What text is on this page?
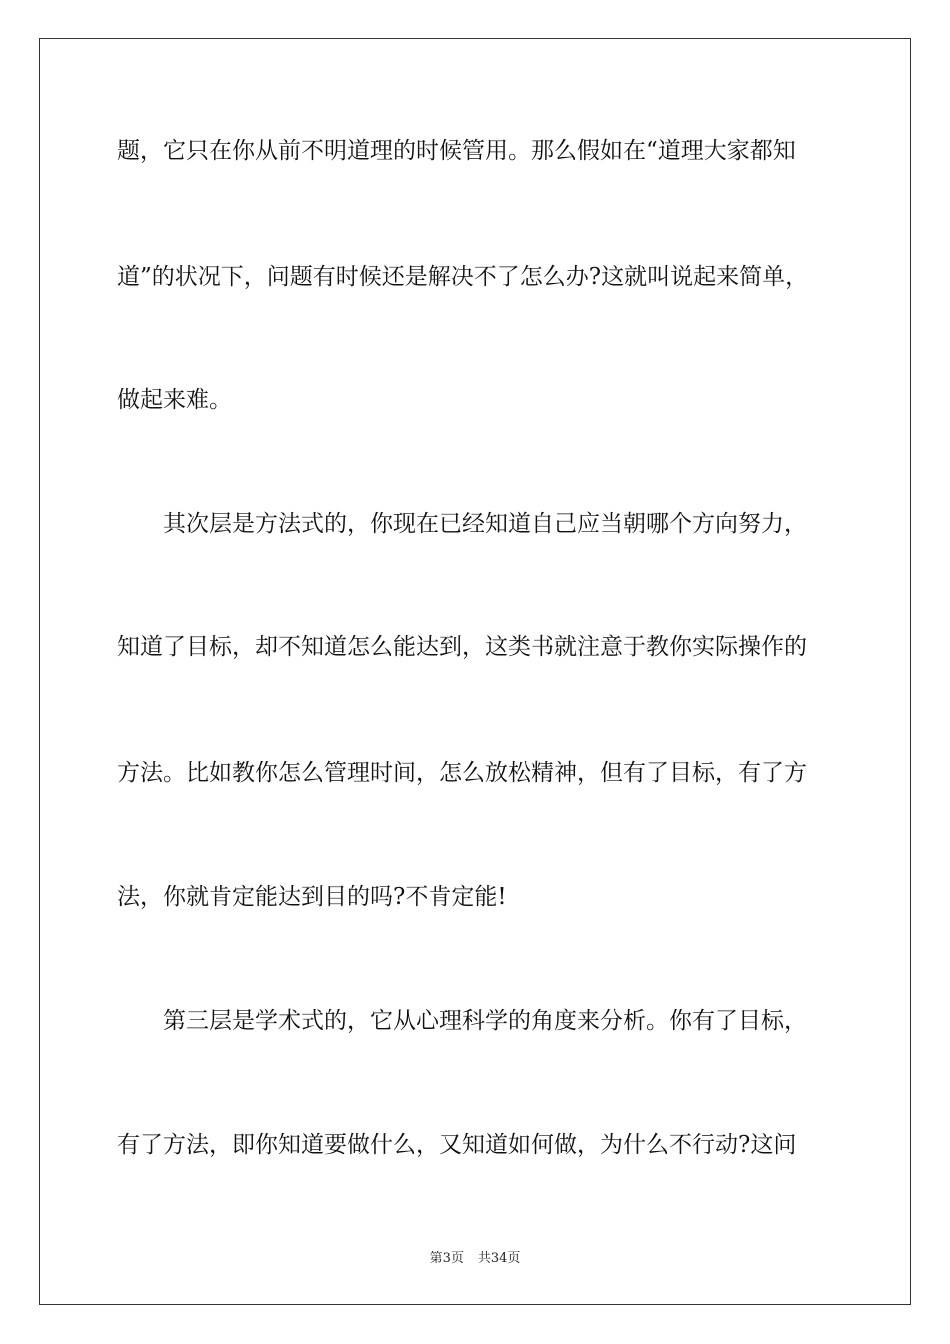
题，它只在你从前不明道理的时候管用。那么假如在“道理大家都知
道”的状况下，问题有时候还是解决不了怎么办?这就叫说起来简单，
做起来难。
　　其次层是方法式的，你现在已经知道自己应当朝哪个方向努力，
知道了目标，却不知道怎么能达到，这类书就注意于教你实际操作的
方法。比如教你怎么管理时间，怎么放松精神，但有了目标，有了方
法，你就肯定能达到目的吗?不肯定能!
　　第三层是学术式的，它从心理科学的角度来分析。你有了目标，
有了方法，即你知道要做什么，又知道如何做，为什么不行动?这问
第3页 共34页
